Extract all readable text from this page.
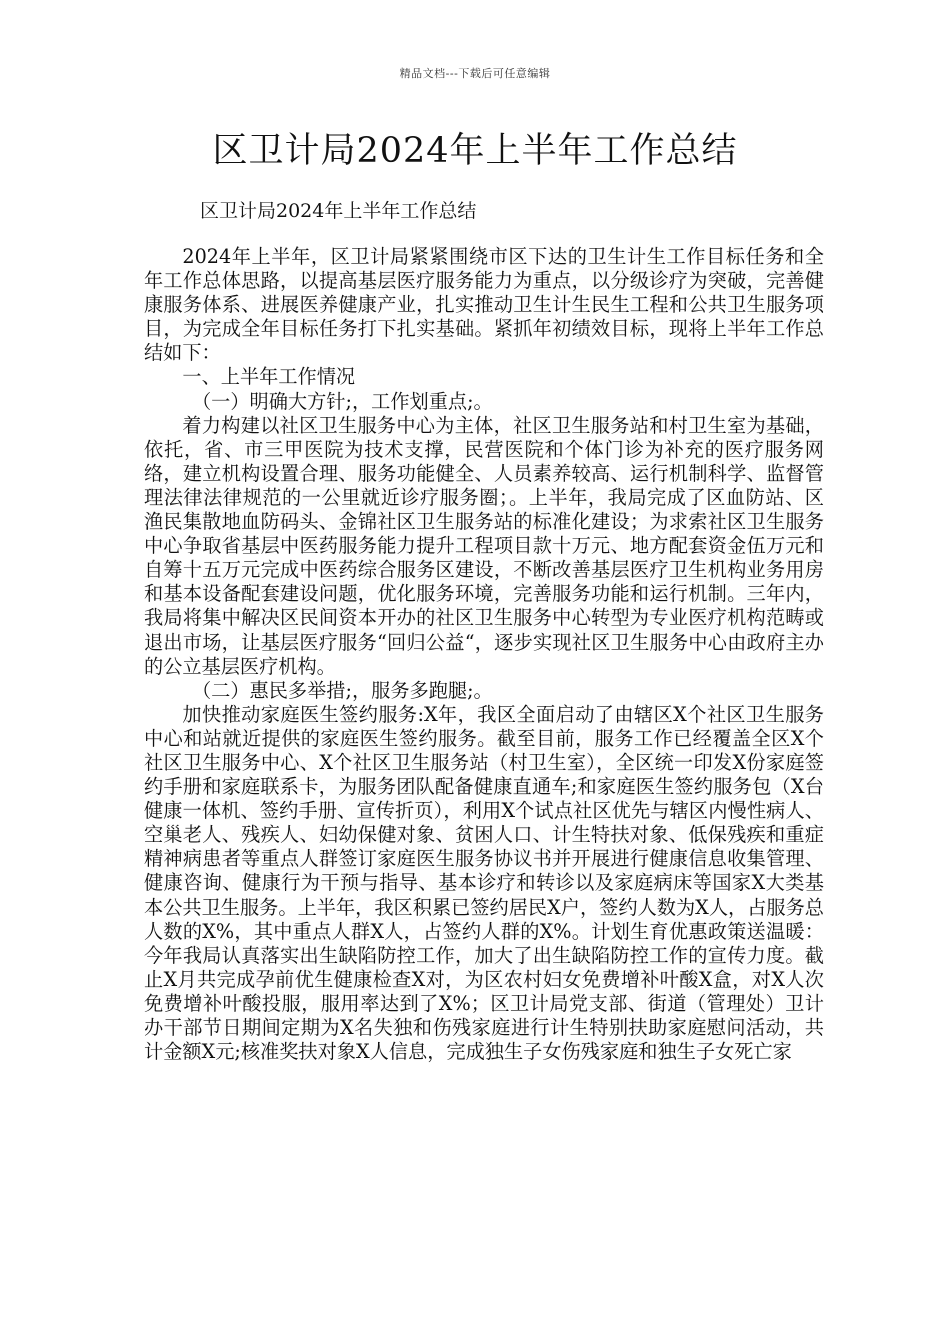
精品文档---下载后可任意编辑
区卫计局2024年上半年工作总结
区卫计局2024年上半年工作总结

2024年上半年，区卫计局紧紧围绕市区下达的卫生计生工作目标任务和全年工作总体思路，以提高基层医疗服务能力为重点，以分级诊疗为突破，完善健康服务体系、进展医养健康产业，扎实推动卫生计生民生工程和公共卫生服务项目，为完成全年目标任务打下扎实基础。紧抓年初绩效目标，现将上半年工作总结如下：

一、上半年工作情况

（一）明确大方针;，工作划重点;。

着力构建以社区卫生服务中心为主体，社区卫生服务站和村卫生室为基础，依托，省、市三甲医院为技术支撑，民营医院和个体门诊为补充的医疗服务网络，建立机构设置合理、服务功能健全、人员素养较高、运行机制科学、监督管理法律法律规范的一公里就近诊疗服务圈；。上半年，我局完成了区血防站、区渔民集散地血防码头、金锦社区卫生服务站的标准化建设；为求索社区卫生服务中心争取省基层中医药服务能力提升工程项目款十万元、地方配套资金伍万元和自筹十五万元完成中医药综合服务区建设，不断改善基层医疗卫生机构业务用房和基本设备配套建设问题，优化服务环境，完善服务功能和运行机制。三年内，我局将集中解决区民间资本开办的社区卫生服务中心转型为专业医疗机构范畴或退出市场，让基层医疗服务“回归公益“，逐步实现社区卫生服务中心由政府主办的公立基层医疗机构。

（二）惠民多举措;，服务多跑腿;。

加快推动家庭医生签约服务:X年，我区全面启动了由辖区X个社区卫生服务中心和站就近提供的家庭医生签约服务。截至目前，服务工作已经覆盖全区X个社区卫生服务中心、X个社区卫生服务站（村卫生室），全区统一印发X份家庭签约手册和家庭联系卡，为服务团队配备健康直通车;和家庭医生签约服务包（X台健康一体机、签约手册、宣传折页），利用X个试点社区优先与辖区内慢性病人、空巢老人、残疾人、妇幼保健对象、贫困人口、计生特扶对象、低保残疾和重症精神病患者等重点人群签订家庭医生服务协议书并开展进行健康信息收集管理、健康咨询、健康行为干预与指导、基本诊疗和转诊以及家庭病床等国家X大类基本公共卫生服务。上半年，我区积累已签约居民X户，签约人数为X人，占服务总人数的X%，其中重点人群X人，占签约人群的X%。计划生育优惠政策送温暖：今年我局认真落实出生缺陷防控工作，加大了出生缺陷防控工作的宣传力度。截止X月共完成孕前优生健康检查X对，为区农村妇女免费增补叶酸X盒，对X人次免费增补叶酸投服，服用率达到了X%；区卫计局党支部、街道（管理处）卫计办干部节日期间定期为X名失独和伤残家庭进行计生特别扶助家庭慰问活动，共计金额X元;核准奖扶对象X人信息，完成独生子女伤残家庭和独生子女死亡家
